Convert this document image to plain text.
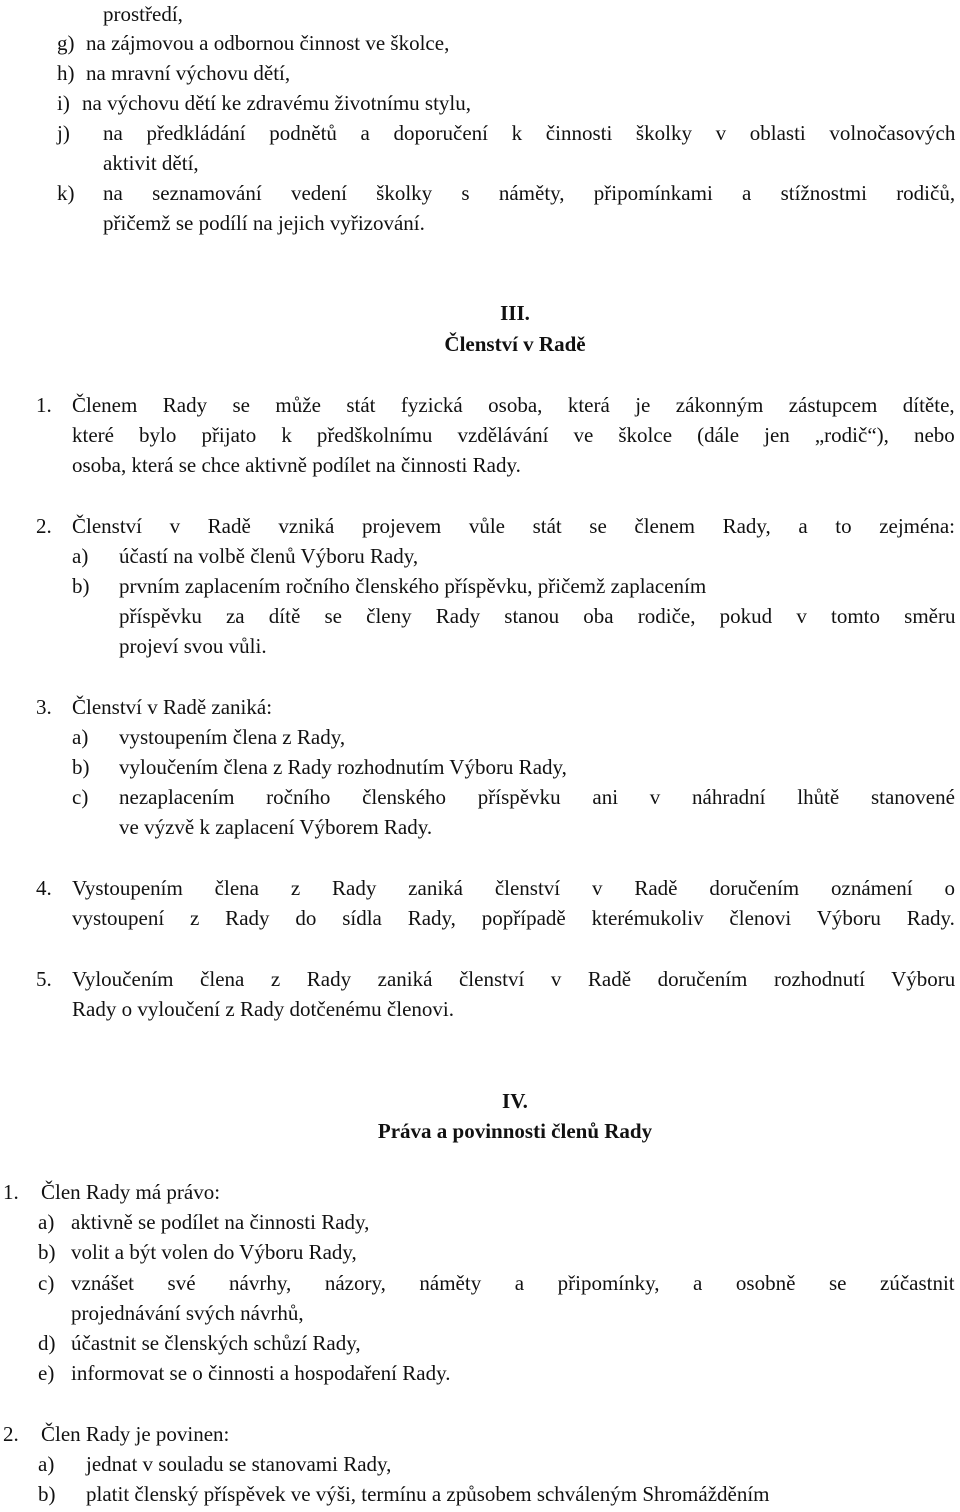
prostředí,
g) na zájmovou a odbornou činnost ve školce,
h) na mravní výchovu dětí,
i) na výchovu dětí ke zdravému životnímu stylu,
j) na předkládání podnětů a doporučení k činnosti školky v oblasti volnočasových
aktivit dětí,
k) na seznamování vedení školky s náměty, připomínkami a stížnostmi rodičů,
přičemž se podílí na jejich vyřizování.
III.
Členství v Radě
1. Členem Rady se může stát fyzická osoba, která je zákonným zástupcem dítěte,
které bylo přijato k předškolnímu vzdělávání ve školce (dále jen „rodič“), nebo
osoba, která se chce aktivně podílet na činnosti Rady.
2. Členství v Radě vzniká projevem vůle stát se členem Rady, a to zejména:
a) účastí na volbě členů Výboru Rady,
b) prvním zaplacením ročního členského příspěvku, přičemž zaplacením
příspěvku za dítě se členy Rady stanou oba rodiče, pokud v tomto směru
projeví svou vůli.
3. Členství v Radě zaniká:
a) vystoupením člena z Rady,
b) vyloučením člena z Rady rozhodnutím Výboru Rady,
c) nezaplacením ročního členského příspěvku ani v náhradní lhůtě stanovené
ve výzvě k zaplacení Výborem Rady.
4. Vystoupením člena z Rady zaniká členství v Radě doručením oznámení o
vystoupení z Rady do sídla Rady, popřípadě kterémukoliv členovi Výboru Rady.
5. Vyloučením člena z Rady zaniká členství v Radě doručením rozhodnutí Výboru
Rady o vyloučení z Rady dotčenému členovi.
IV.
Práva a povinnosti členů Rady
1. Člen Rady má právo:
a) aktivně se podílet na činnosti Rady,
b) volit a být volen do Výboru Rady,
c) vznášet své návrhy, názory, náměty a připomínky, a osobně se zúčastnit
projednávání svých návrhů,
d) účastnit se členských schůzí Rady,
e) informovat se o činnosti a hospodaření Rady.
2. Člen Rady je povinen:
a) jednat v souladu se stanovami Rady,
b) platit členský příspěvek ve výši, termínu a způsobem schváleným Shromážděním
